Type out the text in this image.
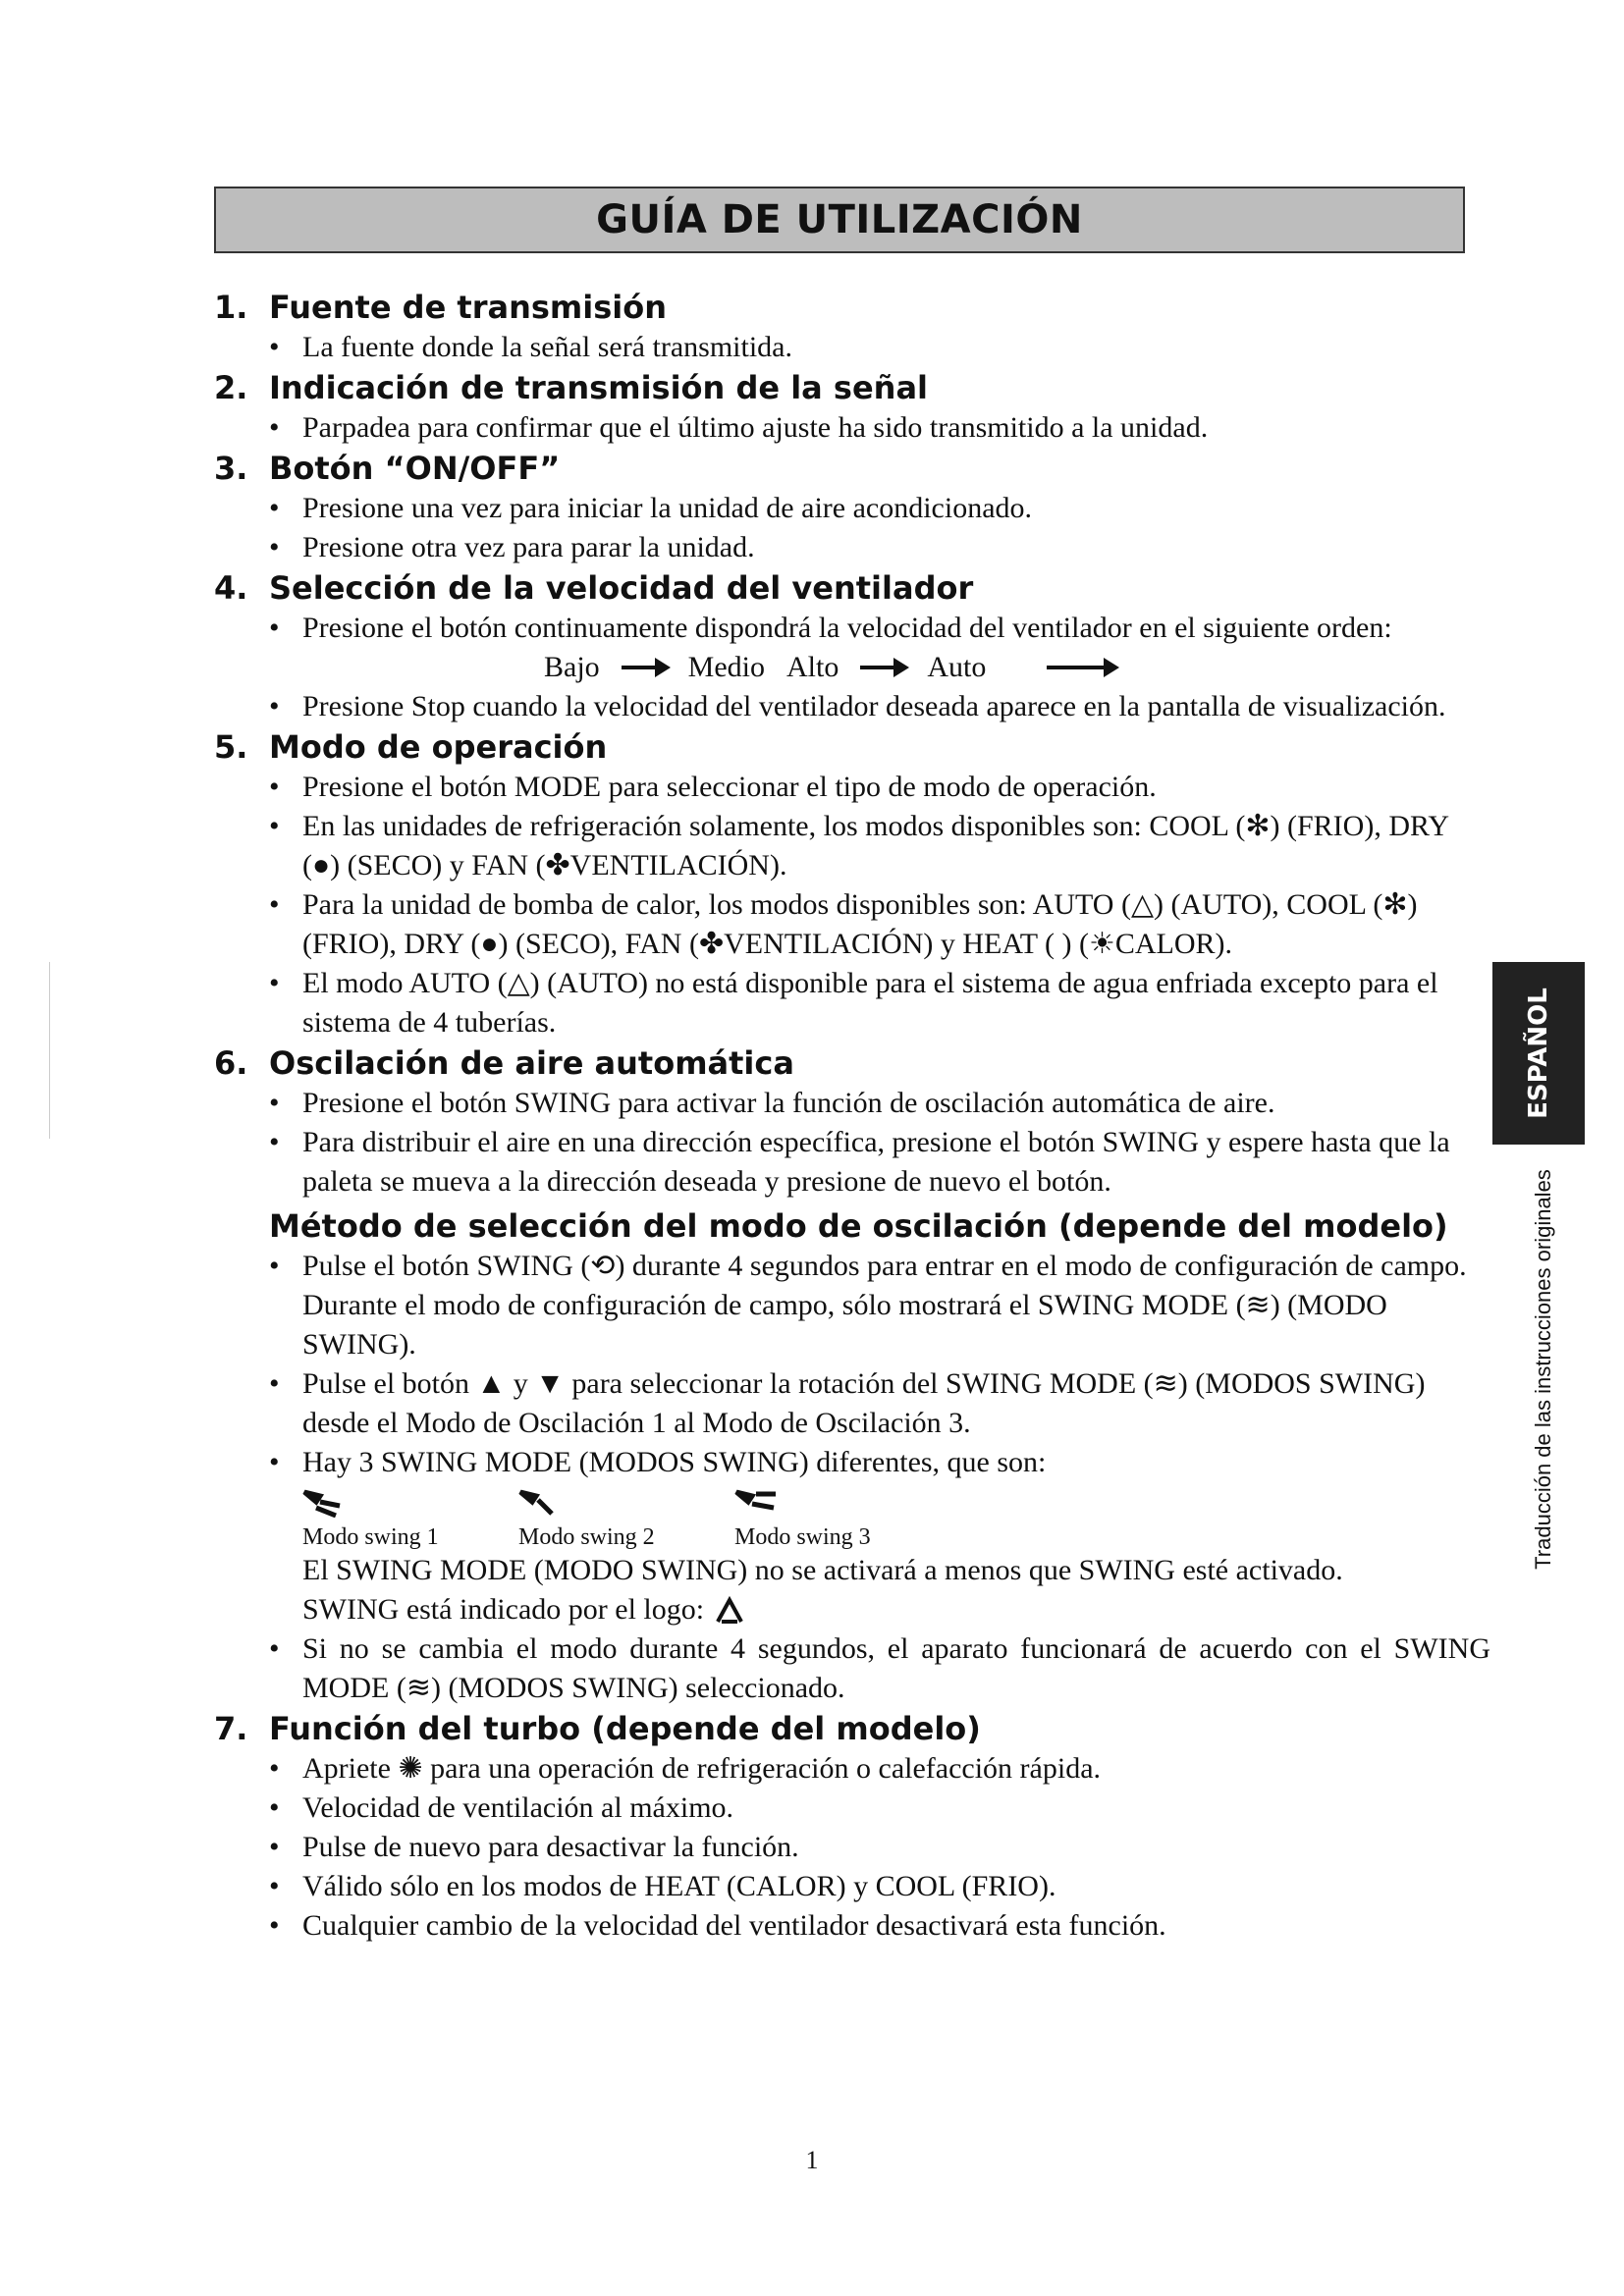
GUÍA DE UTILIZACIÓN
1. Fuente de transmisión
• La fuente donde la señal será transmitida.
2. Indicación de transmisión de la señal
• Parpadea para confirmar que el último ajuste ha sido transmitido a la unidad.
3. Botón “ON/OFF”
• Presione una vez para iniciar la unidad de aire acondicionado.
• Presione otra vez para parar la unidad.
4. Selección de la velocidad del ventilador
• Presione el botón continuamente dispondrá la velocidad del ventilador en el siguiente orden:
Bajo	Medio Alto	Auto
• Presione Stop cuando la velocidad del ventilador deseada aparece en la pantalla de visualización.
5. Modo de operación
• Presione el botón MODE para seleccionar el tipo de modo de operación.
• En las unidades de refrigeración solamente, los modos disponibles son: COOL (✻) (FRIO), DRY (●) (SECO) y FAN (✤VENTILACIÓN).
• Para la unidad de bomba de calor, los modos disponibles son: AUTO (△) (AUTO), COOL (✻) (FRIO), DRY (●) (SECO), FAN (✤VENTILACIÓN) y HEAT ( ) (☀CALOR).
• El modo AUTO (△) (AUTO) no está disponible para el sistema de agua enfriada excepto para el sistema de 4 tuberías.
6. Oscilación de aire automática
• Presione el botón SWING para activar la función de oscilación automática de aire.
• Para distribuir el aire en una dirección específica, presione el botón SWING y espere hasta que la paleta se mueva a la dirección deseada y presione de nuevo el botón.
Método de selección del modo de oscilación (depende del modelo)
• Pulse el botón SWING (⟲) durante 4 segundos para entrar en el modo de configuración de campo. Durante el modo de configuración de campo, sólo mostrará el SWING MODE (≋) (MODO SWING).
• Pulse el botón ▲ y ▼ para seleccionar la rotación del SWING MODE (≋) (MODOS SWING) desde el Modo de Oscilación 1 al Modo de Oscilación 3.
• Hay 3 SWING MODE (MODOS SWING) diferentes, que son:
Modo swing 1	Modo swing 2	Modo swing 3
El SWING MODE (MODO SWING) no se activará a menos que SWING esté activado.
SWING está indicado por el logo:
• Si no se cambia el modo durante 4 segundos, el aparato funcionará de acuerdo con el SWING MODE (≋) (MODOS SWING) seleccionado.
7. Función del turbo (depende del modelo)
• Apriete ✺ para una operación de refrigeración o calefacción rápida.
• Velocidad de ventilación al máximo.
• Pulse de nuevo para desactivar la función.
• Válido sólo en los modos de HEAT (CALOR) y COOL (FRIO).
• Cualquier cambio de la velocidad del ventilador desactivará esta función.
ESPAÑOL
Traducción de las instrucciones originales
1
